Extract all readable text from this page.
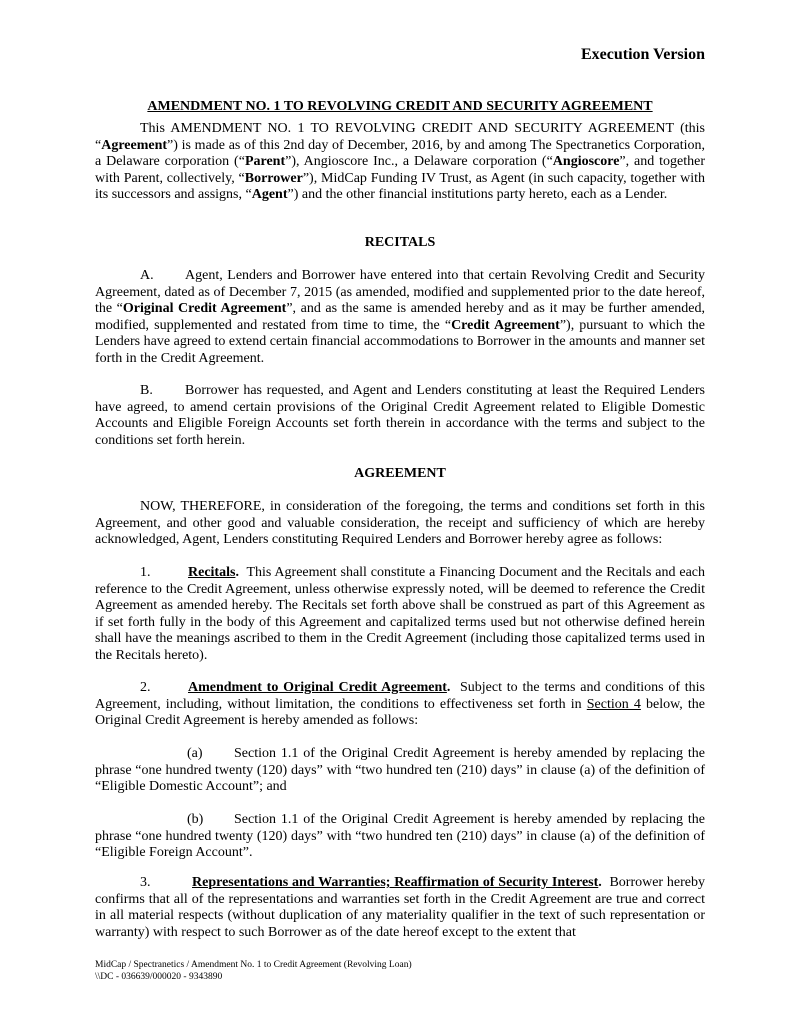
Execution Version
AMENDMENT NO. 1 TO REVOLVING CREDIT AND SECURITY AGREEMENT
This AMENDMENT NO. 1 TO REVOLVING CREDIT AND SECURITY AGREEMENT (this “Agreement”) is made as of this 2nd day of December, 2016, by and among The Spectranetics Corporation, a Delaware corporation (“Parent”), Angioscore Inc., a Delaware corporation (“Angioscore”, and together with Parent, collectively, “Borrower”), MidCap Funding IV Trust, as Agent (in such capacity, together with its successors and assigns, “Agent”) and the other financial institutions party hereto, each as a Lender.
RECITALS
A. Agent, Lenders and Borrower have entered into that certain Revolving Credit and Security Agreement, dated as of December 7, 2015 (as amended, modified and supplemented prior to the date hereof, the “Original Credit Agreement”, and as the same is amended hereby and as it may be further amended, modified, supplemented and restated from time to time, the “Credit Agreement”), pursuant to which the Lenders have agreed to extend certain financial accommodations to Borrower in the amounts and manner set forth in the Credit Agreement.
B. Borrower has requested, and Agent and Lenders constituting at least the Required Lenders have agreed, to amend certain provisions of the Original Credit Agreement related to Eligible Domestic Accounts and Eligible Foreign Accounts set forth therein in accordance with the terms and subject to the conditions set forth herein.
AGREEMENT
NOW, THEREFORE, in consideration of the foregoing, the terms and conditions set forth in this Agreement, and other good and valuable consideration, the receipt and sufficiency of which are hereby acknowledged, Agent, Lenders constituting Required Lenders and Borrower hereby agree as follows:
1.	Recitals. This Agreement shall constitute a Financing Document and the Recitals and each reference to the Credit Agreement, unless otherwise expressly noted, will be deemed to reference the Credit Agreement as amended hereby. The Recitals set forth above shall be construed as part of this Agreement as if set forth fully in the body of this Agreement and capitalized terms used but not otherwise defined herein shall have the meanings ascribed to them in the Credit Agreement (including those capitalized terms used in the Recitals hereto).
2.	Amendment to Original Credit Agreement. Subject to the terms and conditions of this Agreement, including, without limitation, the conditions to effectiveness set forth in Section 4 below, the Original Credit Agreement is hereby amended as follows:
(a) Section 1.1 of the Original Credit Agreement is hereby amended by replacing the phrase “one hundred twenty (120) days” with “two hundred ten (210) days” in clause (a) of the definition of “Eligible Domestic Account”; and
(b) Section 1.1 of the Original Credit Agreement is hereby amended by replacing the phrase “one hundred twenty (120) days” with “two hundred ten (210) days” in clause (a) of the definition of “Eligible Foreign Account”.
3.	Representations and Warranties; Reaffirmation of Security Interest. Borrower hereby confirms that all of the representations and warranties set forth in the Credit Agreement are true and correct in all material respects (without duplication of any materiality qualifier in the text of such representation or warranty) with respect to such Borrower as of the date hereof except to the extent that
MidCap / Spectranetics / Amendment No. 1 to Credit Agreement (Revolving Loan)
\\DC - 036639/000020 - 9343890
